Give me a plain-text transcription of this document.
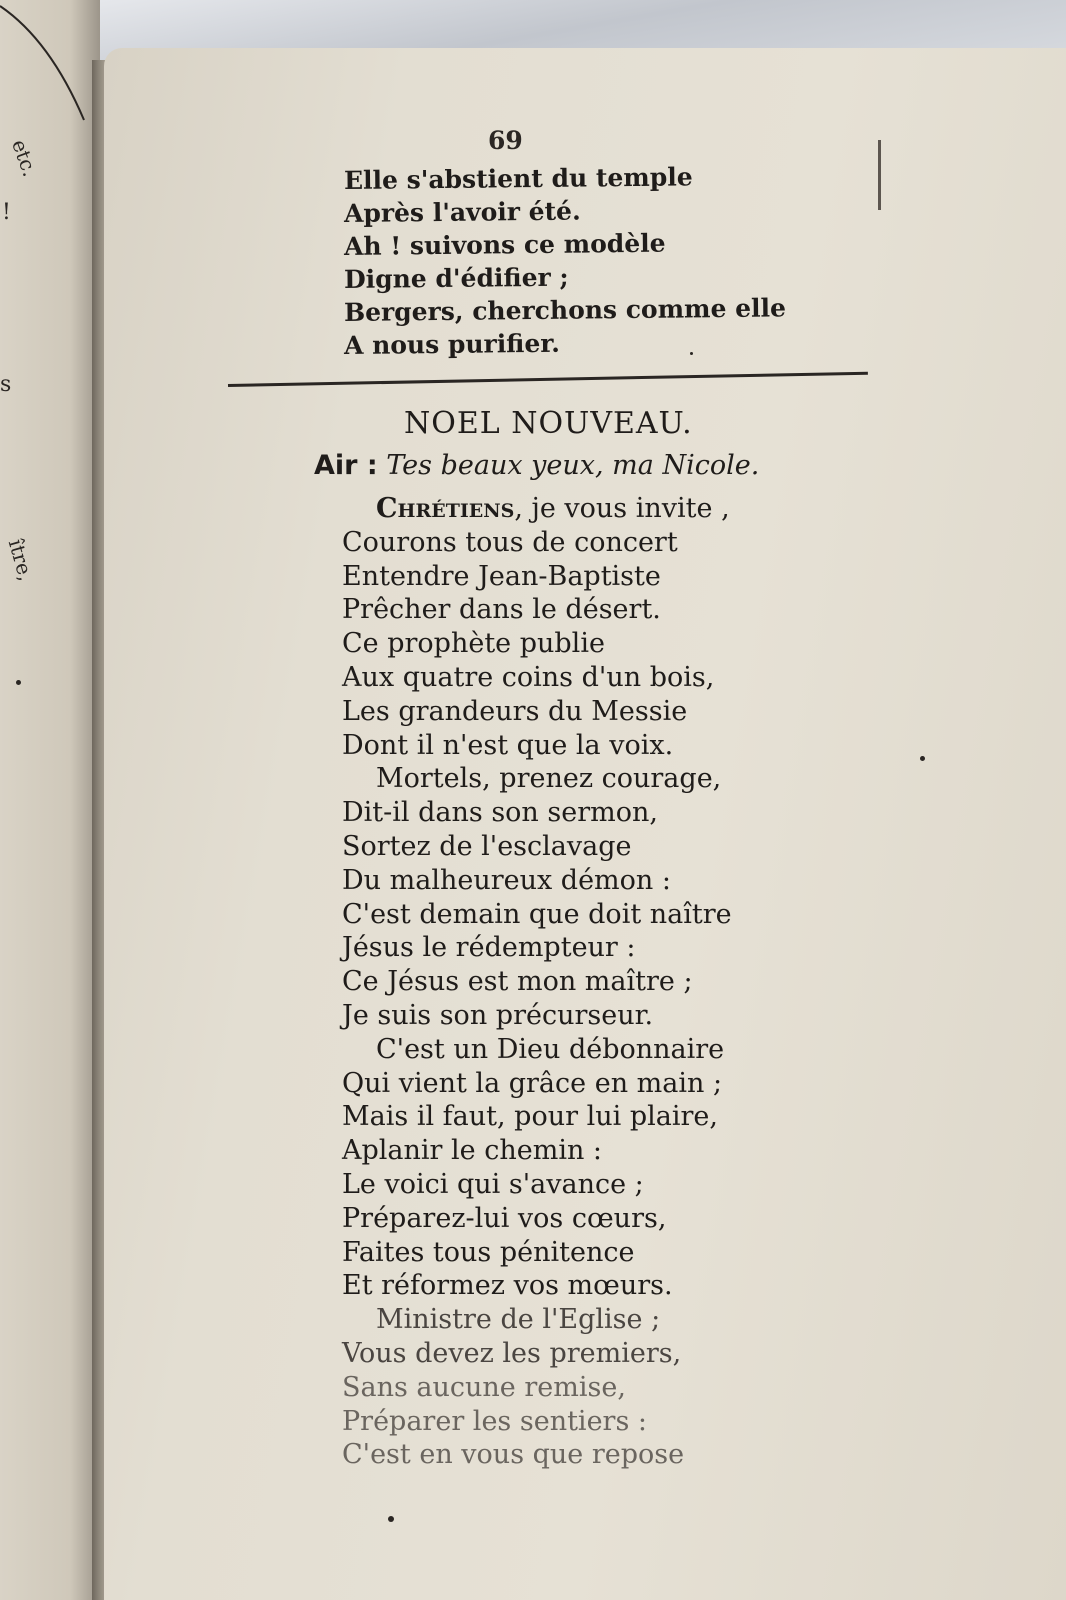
etc.
!
s
ître,
69
Elle s'abstient du temple
Après l'avoir été.
Ah ! suivons ce modèle
Digne d'édifier ;
Bergers, cherchons comme elle
A nous purifier.
NOEL NOUVEAU.
Air : Tes beaux yeux, ma Nicole.
Chrétiens, je vous invite ,
Courons tous de concert
Entendre Jean-Baptiste
Prêcher dans le désert.
Ce prophète publie
Aux quatre coins d'un bois,
Les grandeurs du Messie
Dont il n'est que la voix.
Mortels, prenez courage,
Dit-il dans son sermon,
Sortez de l'esclavage
Du malheureux démon :
C'est demain que doit naître
Jésus le rédempteur :
Ce Jésus est mon maître ;
Je suis son précurseur.
C'est un Dieu débonnaire
Qui vient la grâce en main ;
Mais il faut, pour lui plaire,
Aplanir le chemin :
Le voici qui s'avance ;
Préparez-lui vos cœurs,
Faites tous pénitence
Et réformez vos mœurs.
Ministre de l'Eglise ;
Vous devez les premiers,
Sans aucune remise,
Préparer les sentiers :
C'est en vous que repose
